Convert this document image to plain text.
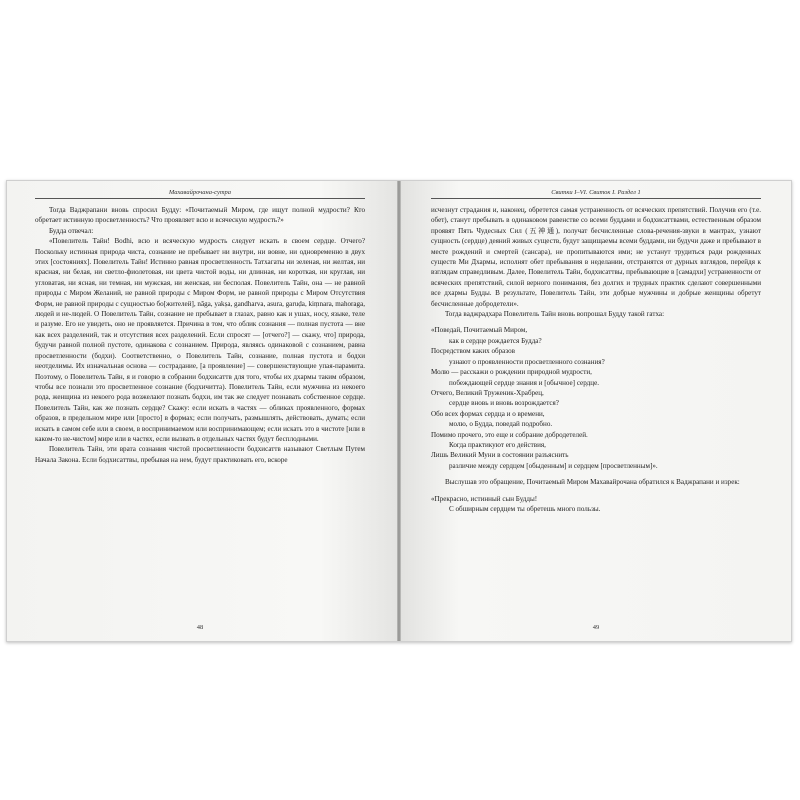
Махавайрочана-сутра

Тогда Ваджрапани вновь спросил Будду: «Почитаемый Миром, где ищут полной мудрости? Кто обретает истинную просветленность? Что проявляет всю и всяческую мудрость?»

Будда отвечал:

«Повелитель Тайн! Bodhi, всю и всяческую мудрость следует искать в своем сердце. Отчего? Поскольку истинная природа чиста, сознание не пребывает ни внутри, ни вовне, ни одновременно в двух этих [состояниях]. Повелитель Тайн! Истинно равная просветленность Татхагаты ни зеленая, ни желтая, ни красная, ни белая, ни светло-фиолетовая, ни цвета чистой воды, ни длинная, ни короткая, ни круглая, ни угловатая, ни ясная, ни темная, ни мужская, ни женская, ни бесполая. Повелитель Тайн, она — не равной природы с Миром Желаний, не равной природы с Миром Форм, не равной природы с Миром Отсутствия Форм, не равной природы с сущностью бо[жителей], nāga, yakṣa, gandharva, asura, garuḍa, kiṃnara, mahoraga, людей и не-людей. О Повелитель Тайн, сознание не пребывает в глазах, равно как и ушах, носу, языке, теле и разуме. Его не увидеть, оно не проявляется. Причина в том, что облик сознания — полная пустота — вне как всех разделений, так и отсутствия всех разделений. Если спросят — [отчего?] — скажу, что] природа, будучи равной полной пустоте, одинакова с сознанием. Природа, являясь одинаковой с сознанием, равна просветленности (бодхи). Соответственно, о Повелитель Тайн, сознание, полная пустота и бодхи неотделимы. Их изначальная основа — сострадание, [а проявление] — совершенствующие упая-парамита. Поэтому, о Повелитель Тайн, я и говорю в собрании бодхисаттв для того, чтобы их дхармы таким образом, чтобы все познали это просветленное сознание (бодхичитта). Повелитель Тайн, если мужчина из некоего рода, женщина из некоего рода возжелают познать бодхи, им так же следует познавать собственное сердце. Повелитель Тайн, как же познать сердце? Скажу: если искать в частях — обликах проявленного, формах образов, в предельном мире или [просто] в формах; если получать, размышлять, действовать, думать; если искать в самом себе или в своем, в воспринимаемом или воспринимающем; если искать это в чистоте [или в каком-то не-чистом] мире или в частях, если вызвать в отдельных частях будут бесплодными.

Повелитель Тайн, эти врата сознания чистой просветленности бодхисаттв называют Светлым Путем Начала Закона. Если бодхисаттвы, пребывая на нем, будут практиковать его, вскоре

48
Свитки I–VI. Свиток I. Раздел 1

исчезнут страдания и, наконец, обретется самая устраненность от всяческих препятствий. Получив его (т.е. обет), станут пребывать в одинаковом равенстве со всеми буддами и бодхисаттвами, естественным образом проявят Пять Чудесных Сил (五神通), получат бесчисленные слова-речения-звуки в мантрах, узнают сущность (сердце) деяний живых существ, будут защищаемы всеми буддами, ни будучи даже и пребывают в месте рождений и смертей (сансара), не пропитываются ими; не устанут трудиться ради рожденных существ Ми Дхармы, исполнят обет пребывания в неделании, отстранятся от дурных взглядов, перейдя к взглядам справедливым. Далее, Повелитель Тайн, бодхисаттвы, пребывающие в [самадхи] устраненности от всяческих препятствий, силой верного понимания, без долгих и трудных практик сделают совершенными все дхармы Будды. В результате, Повелитель Тайн, эти добрые мужчины и добрые женщины обретут бесчисленные добродетели».

Тогда ваджрадхара Повелитель Тайн вновь вопрошал Будду такой гатха:

«Поведай, Почитаемый Миром,
как в сердце рождается Будда?
Посредством каких образов
узнают о проявленности просветленного сознания?
Молю — расскажи о рождении природной мудрости,
побеждающей сердце знания и [обычное] сердце.
Отчего, Великий Труженик-Храбрец,
сердце вновь и вновь возрождается?
Обо всех формах сердца и о времени,
молю, о Будда, поведай подробно.
Помимо прочего, это еще и собрание добродетелей.
Когда практикуют его действия,
Лишь Великий Муни в состоянии разъяснить
различие между сердцем [обыденным] и сердцем [просветленным]».

Выслушав это обращение, Почитаемый Миром Махавайрочана обратился к Ваджрапани и изрек:

«Прекрасно, истинный сын Будды!
С обширным сердцем ты обретешь много пользы.
49
